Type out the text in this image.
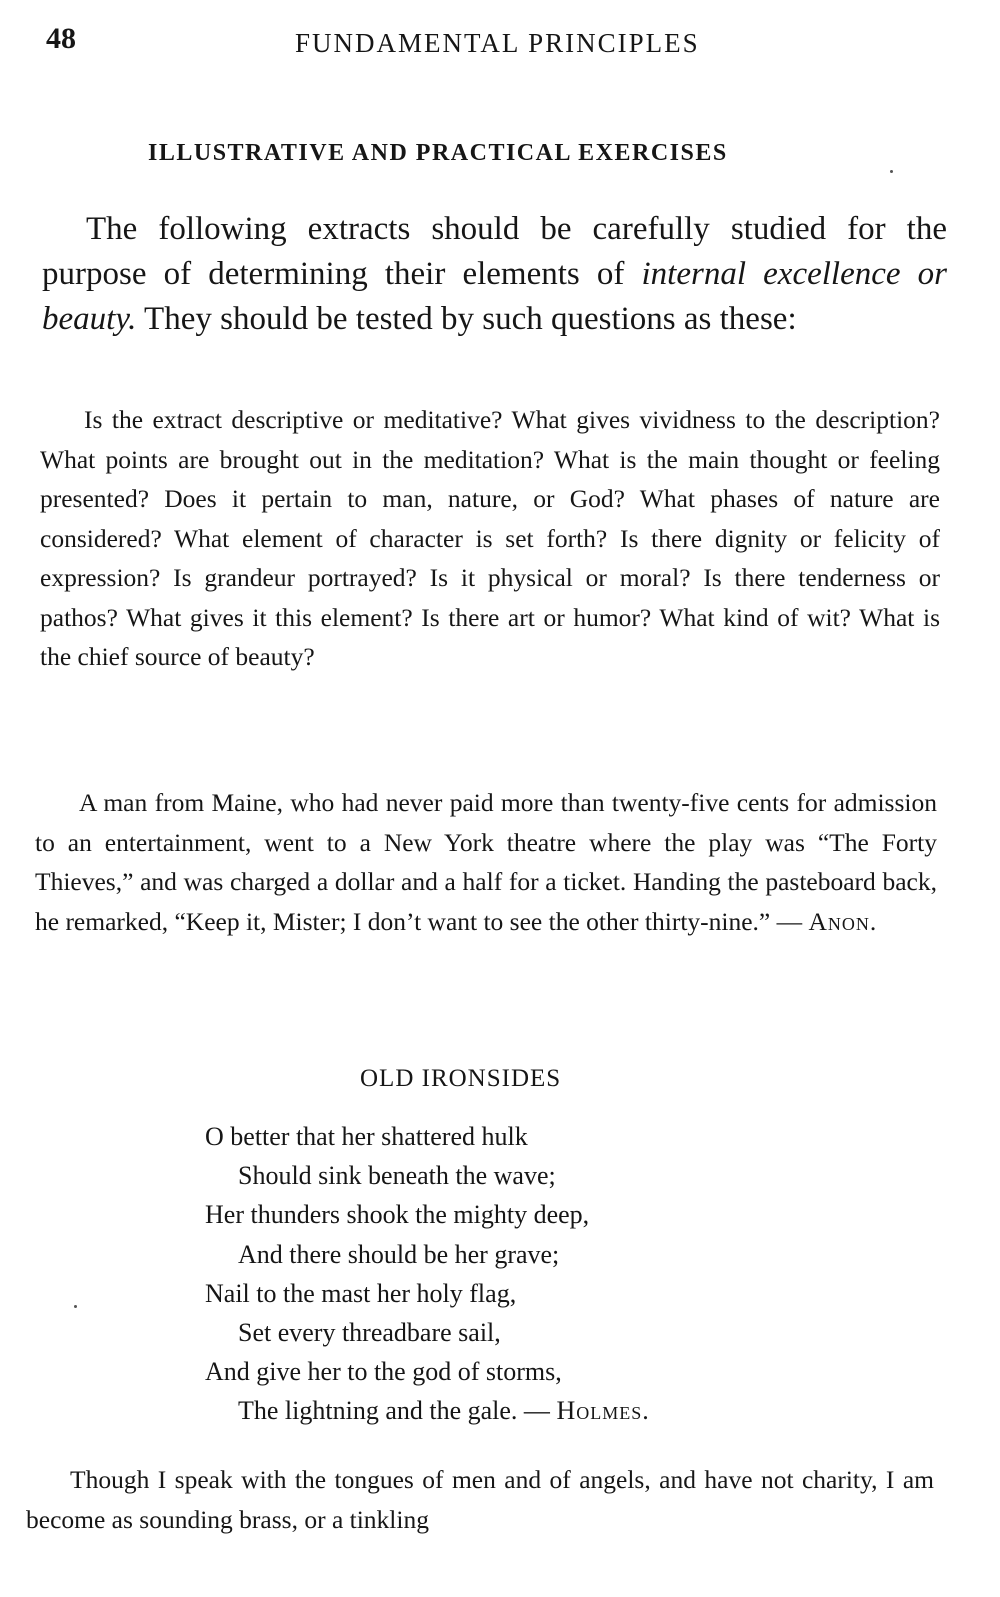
48	FUNDAMENTAL PRINCIPLES
ILLUSTRATIVE AND PRACTICAL EXERCISES
The following extracts should be carefully studied for the purpose of determining their elements of internal excellence or beauty. They should be tested by such questions as these:
Is the extract descriptive or meditative? What gives vividness to the description? What points are brought out in the meditation? What is the main thought or feeling presented? Does it pertain to man, nature, or God? What phases of nature are considered? What element of character is set forth? Is there dignity or felicity of expression? Is grandeur portrayed? Is it physical or moral? Is there tenderness or pathos? What gives it this element? Is there art or humor? What kind of wit? What is the chief source of beauty?
A man from Maine, who had never paid more than twenty-five cents for admission to an entertainment, went to a New York theatre where the play was “The Forty Thieves,” and was charged a dollar and a half for a ticket. Handing the pasteboard back, he remarked, “Keep it, Mister; I don’t want to see the other thirty-nine.” — Anon.
OLD IRONSIDES
O better that her shattered hulk
Should sink beneath the wave;
Her thunders shook the mighty deep,
And there should be her grave;
Nail to the mast her holy flag,
Set every threadbare sail,
And give her to the god of storms,
The lightning and the gale. — Holmes.
Though I speak with the tongues of men and of angels, and have not charity, I am become as sounding brass, or a tinkling
